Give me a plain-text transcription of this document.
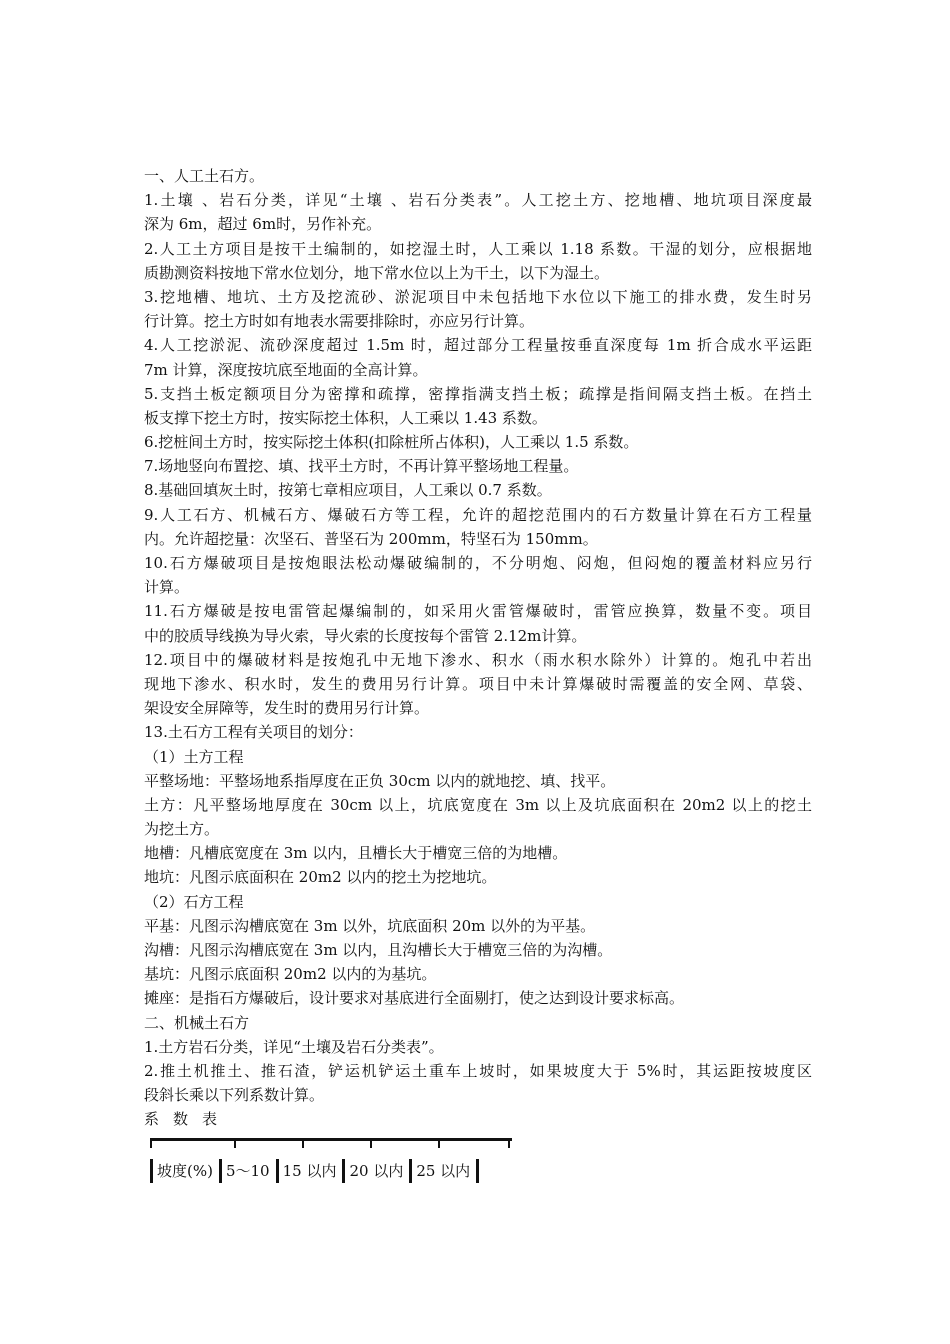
一、人工土石方。
1.土壤 、岩石分类，详见“土壤 、岩石分类表”。人工挖土方、挖地槽、地坑项目深度最
深为 6m，超过 6m时，另作补充。
2.人工土方项目是按干土编制的，如挖湿土时，人工乘以 1.18 系数。干湿的划分，应根据地
质勘测资料按地下常水位划分，地下常水位以上为干土，以下为湿土。
3.挖地槽、地坑、土方及挖流砂、淤泥项目中未包括地下水位以下施工的排水费，发生时另
行计算。挖土方时如有地表水需要排除时，亦应另行计算。
4.人工挖淤泥、流砂深度超过 1.5m 时，超过部分工程量按垂直深度每 1m 折合成水平运距
7m 计算，深度按坑底至地面的全高计算。
5.支挡土板定额项目分为密撑和疏撑，密撑指满支挡土板；疏撑是指间隔支挡土板。在挡土
板支撑下挖土方时，按实际挖土体积，人工乘以 1.43 系数。
6.挖桩间土方时，按实际挖土体积(扣除桩所占体积)，人工乘以 1.5 系数。
7.场地竖向布置挖、填、找平土方时，不再计算平整场地工程量。
8.基础回填灰土时，按第七章相应项目，人工乘以 0.7 系数。
9.人工石方、机械石方、爆破石方等工程，允许的超挖范围内的石方数量计算在石方工程量
内。允许超挖量：次坚石、普坚石为 200mm，特坚石为 150mm。
10.石方爆破项目是按炮眼法松动爆破编制的，不分明炮、闷炮，但闷炮的覆盖材料应另行
计算。
11.石方爆破是按电雷管起爆编制的，如采用火雷管爆破时，雷管应换算，数量不变。项目
中的胶质导线换为导火索，导火索的长度按每个雷管 2.12m计算。
12.项目中的爆破材料是按炮孔中无地下渗水、积水（雨水积水除外）计算的。炮孔中若出
现地下渗水、积水时，发生的费用另行计算。项目中未计算爆破时需覆盖的安全网、草袋、
架设安全屏障等，发生时的费用另行计算。
13.土石方工程有关项目的划分：
（1）土方工程
平整场地：平整场地系指厚度在正负 30cm 以内的就地挖、填、找平。
土方：凡平整场地厚度在 30cm 以上，坑底宽度在 3m 以上及坑底面积在 20m2 以上的挖土
为挖土方。
地槽：凡槽底宽度在 3m 以内，且槽长大于槽宽三倍的为地槽。
地坑：凡图示底面积在 20m2 以内的挖土为挖地坑。
（2）石方工程
平基：凡图示沟槽底宽在 3m 以外，坑底面积 20m 以外的为平基。
沟槽：凡图示沟槽底宽在 3m 以内，且沟槽长大于槽宽三倍的为沟槽。
基坑：凡图示底面积 20m2 以内的为基坑。
摊座：是指石方爆破后，设计要求对基底进行全面剔打，使之达到设计要求标高。
二、机械土石方
1.土方岩石分类，详见“土壤及岩石分类表”。
2.推土机推土、推石渣，铲运机铲运土重车上坡时，如果坡度大于 5%时，其运距按坡度区
段斜长乘以下列系数计算。
系数表
坡度(%) 5～10 15 以内 20 以内 25 以内
